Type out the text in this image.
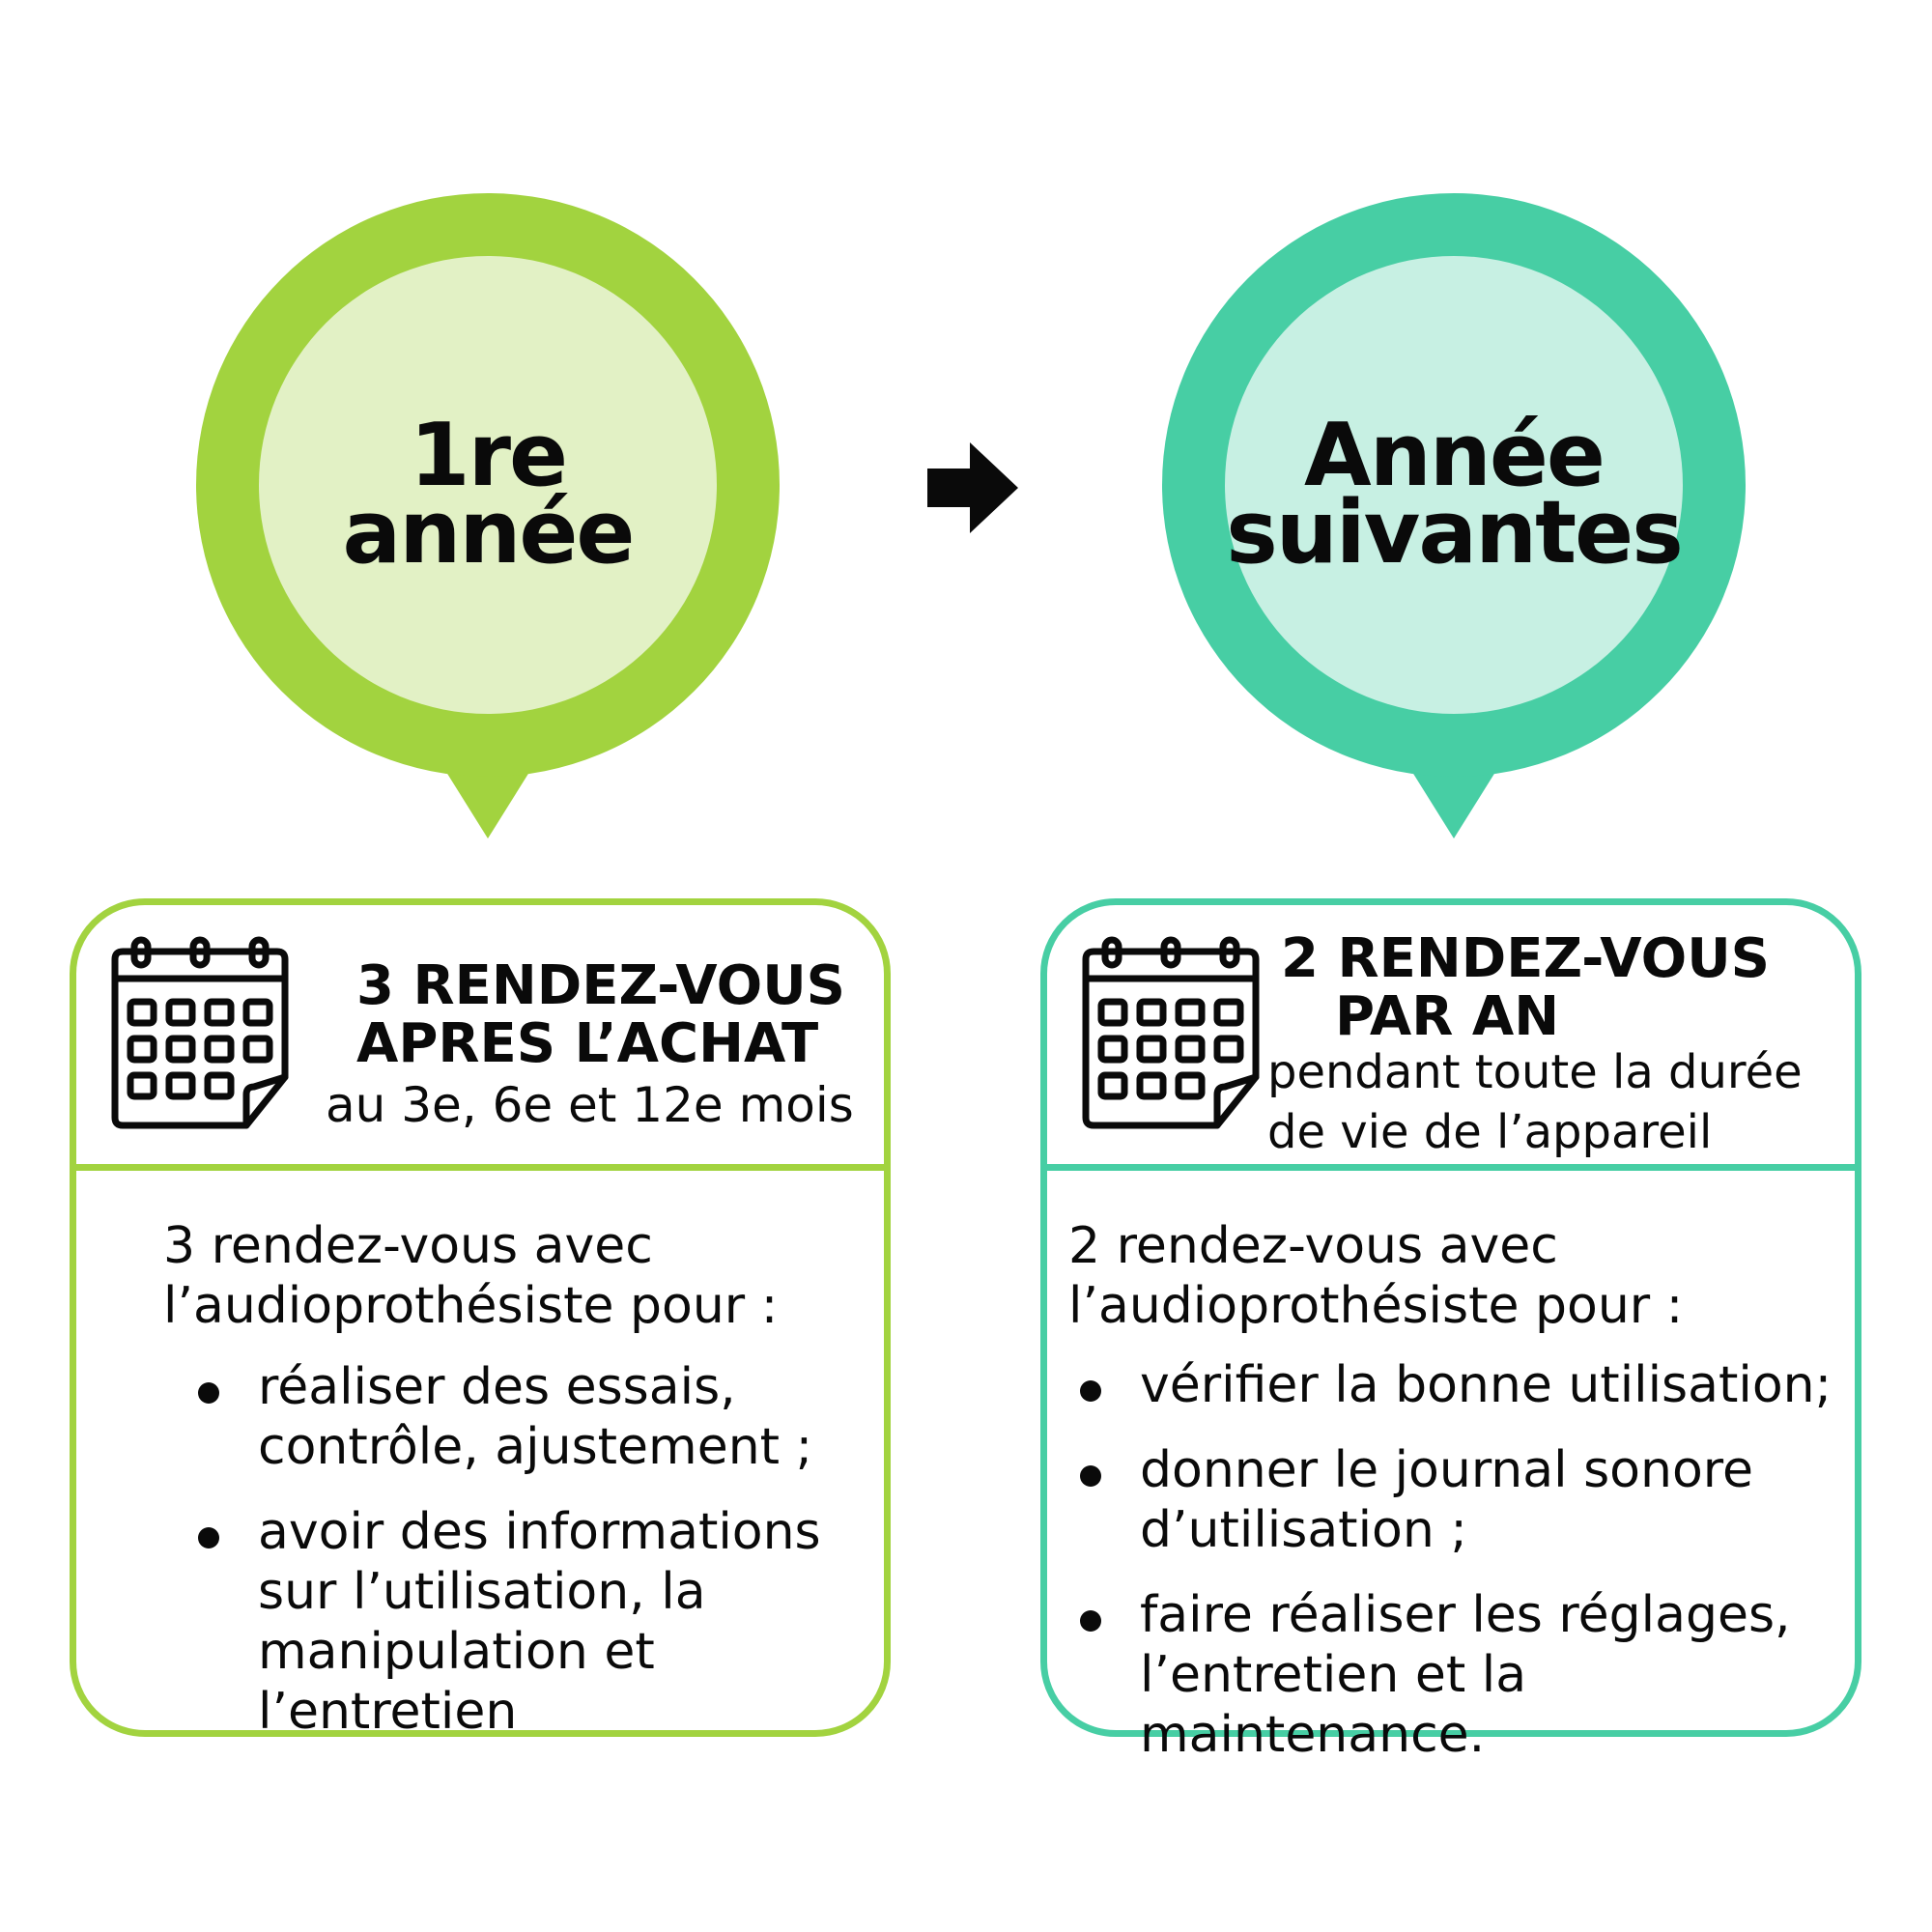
1re
année
Année
suivantes
3 RENDEZ-VOUS
APRES L’ACHAT
au 3e, 6e et 12e mois
3 rendez-vous avec
l’audioprothésiste pour :
réaliser des essais,
contrôle, ajustement ;
avoir des informations
sur l’utilisation, la
manipulation et
l’entretien
2 RENDEZ-VOUS
PAR AN
pendant toute la durée
de vie de l’appareil
2 rendez-vous avec
l’audioprothésiste pour :
vérifier la bonne utilisation;
donner le journal sonore
d’utilisation ;
faire réaliser les réglages,
l’entretien et la
maintenance.
